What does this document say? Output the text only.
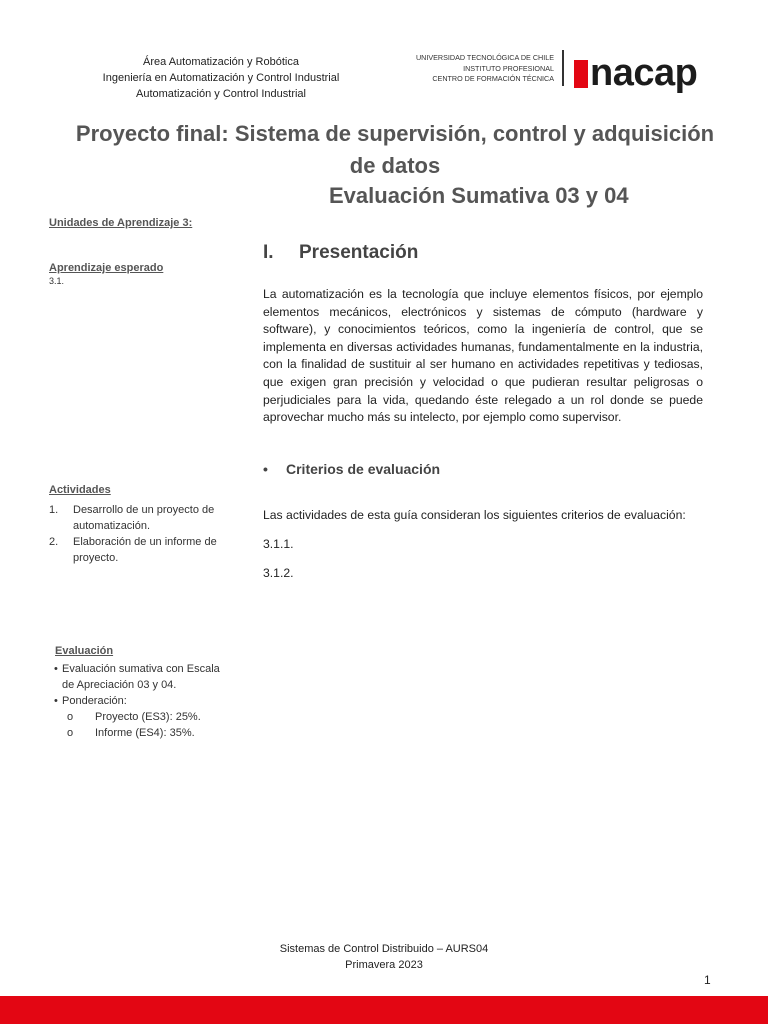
Área Automatización y Robótica
Ingeniería en Automatización y Control Industrial
Automatización y Control Industrial
UNIVERSIDAD TECNOLÓGICA DE CHILE
INSTITUTO PROFESIONAL
CENTRO DE FORMACIÓN TÉCNICA nacap
Proyecto final: Sistema de supervisión, control y adquisición de datos
Evaluación Sumativa 03 y 04
Unidades de Aprendizaje 3:
Aprendizaje esperado
3.1.
Actividades
1. Desarrollo de un proyecto de automatización.
2. Elaboración de un informe de proyecto.
Evaluación
• Evaluación sumativa con Escala de Apreciación 03 y 04.
• Ponderación:
o Proyecto (ES3): 25%.
o Informe (ES4): 35%.
I. Presentación
La automatización es la tecnología que incluye elementos físicos, por ejemplo elementos mecánicos, electrónicos y sistemas de cómputo (hardware y software), y conocimientos teóricos, como la ingeniería de control, que se implementa en diversas actividades humanas, fundamentalmente en la industria, con la finalidad de sustituir al ser humano en actividades repetitivas y tediosas, que exigen gran precisión y velocidad o que pudieran resultar peligrosas o perjudiciales para la vida, quedando éste relegado a un rol donde se puede aprovechar mucho más su intelecto, por ejemplo como supervisor.
• Criterios de evaluación
Las actividades de esta guía consideran los siguientes criterios de evaluación:
3.1.1.
3.1.2.
Sistemas de Control Distribuido – AURS04
Primavera 2023
1
